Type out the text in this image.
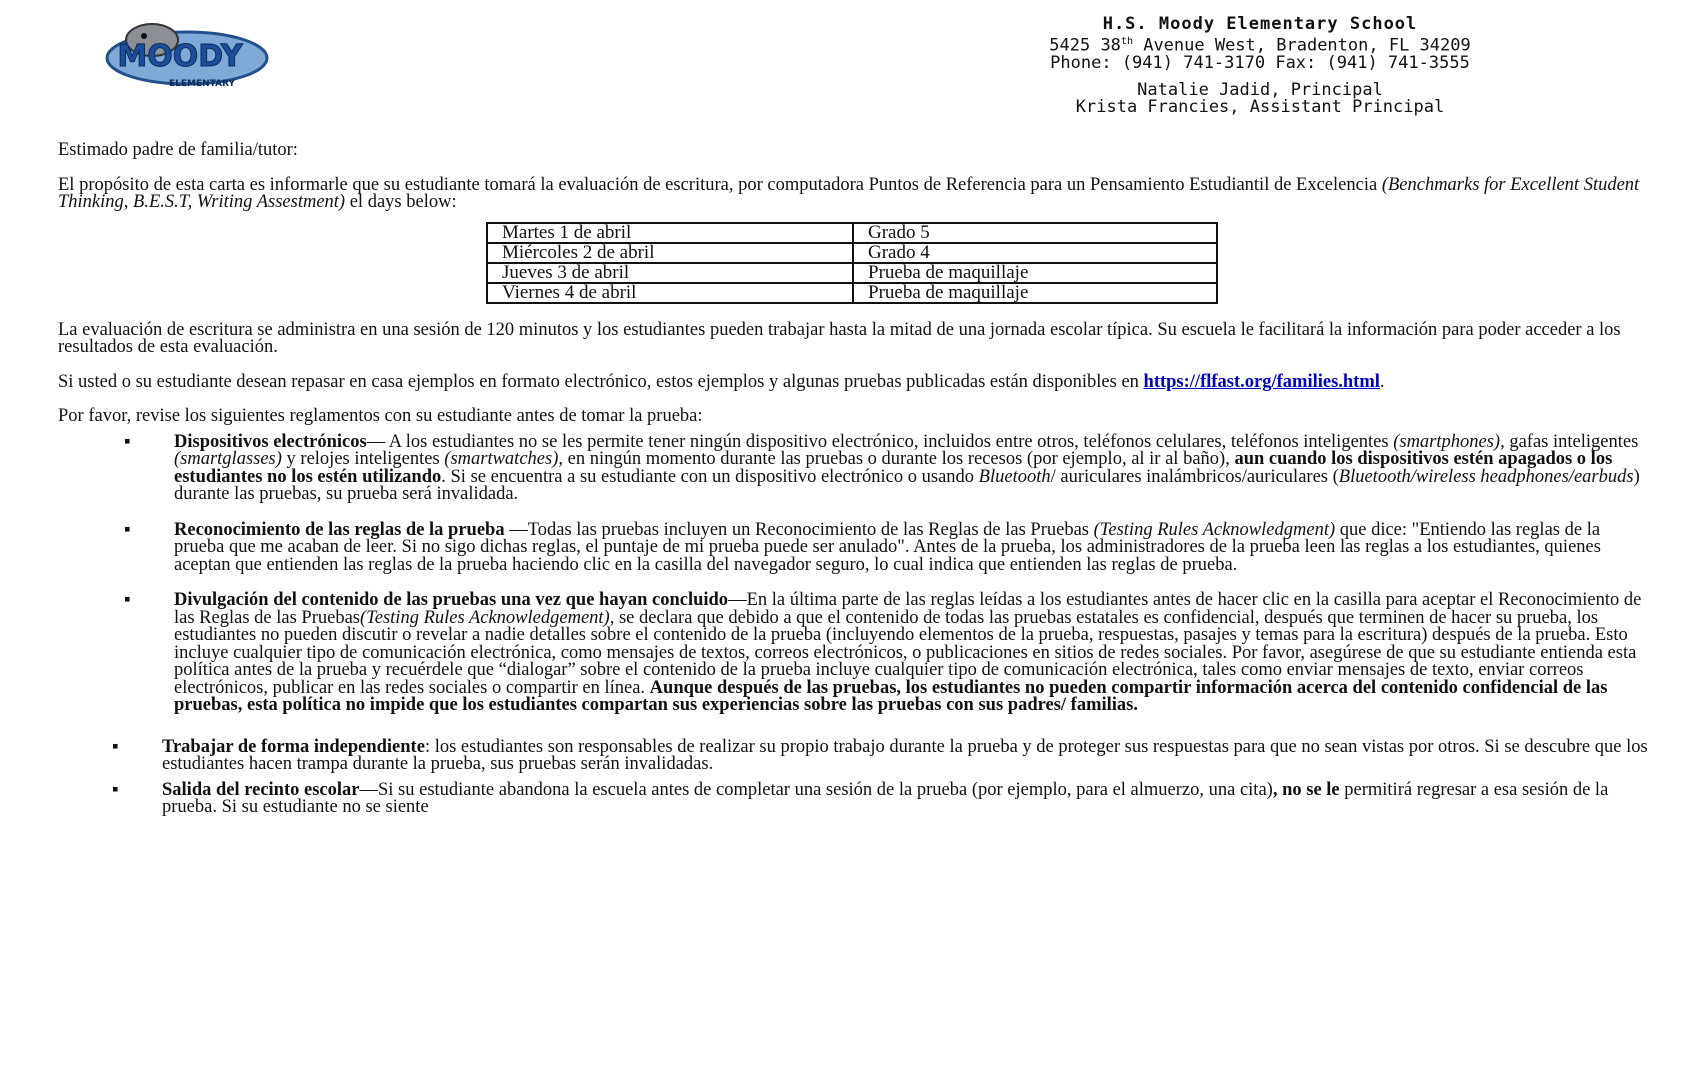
MOODY
ELEMENTARY
H.S. Moody Elementary School
5425 38th Avenue West, Bradenton, FL 34209
Phone: (941) 741-3170 Fax: (941) 741-3555
Natalie Jadid, Principal
Krista Francies, Assistant Principal

Estimado padre de familia/tutor:

El propósito de esta carta es informarle que su estudiante tomará la evaluación de escritura, por computadora Puntos de Referencia para un Pensamiento Estudiantil de Excelencia (Benchmarks for Excellent Student Thinking, B.E.S.T, Writing Assestment) el days below:

Martes 1 de abril	Grado 5
Miércoles 2 de abril	Grado 4
Jueves 3 de abril	Prueba de maquillaje
Viernes 4 de abril	Prueba de maquillaje

La evaluación de escritura se administra en una sesión de 120 minutos y los estudiantes pueden trabajar hasta la mitad de una jornada escolar típica. Su escuela le facilitará la información para poder acceder a los resultados de esta evaluación.

Si usted o su estudiante desean repasar en casa ejemplos en formato electrónico, estos ejemplos y algunas pruebas publicadas están disponibles en https://flfast.org/families.html.

Por favor, revise los siguientes reglamentos con su estudiante antes de tomar la prueba:

▪ Dispositivos electrónicos— A los estudiantes no se les permite tener ningún dispositivo electrónico, incluidos entre otros, teléfonos celulares, teléfonos inteligentes (smartphones), gafas inteligentes (smartglasses) y relojes inteligentes (smartwatches), en ningún momento durante las pruebas o durante los recesos (por ejemplo, al ir al baño), aun cuando los dispositivos estén apagados o los estudiantes no los estén utilizando. Si se encuentra a su estudiante con un dispositivo electrónico o usando Bluetooth/ auriculares inalámbricos/auriculares (Bluetooth/wireless headphones/earbuds) durante las pruebas, su prueba será invalidada.
▪ Reconocimiento de las reglas de la prueba —Todas las pruebas incluyen un Reconocimiento de las Reglas de las Pruebas (Testing Rules Acknowledgment) que dice: "Entiendo las reglas de la prueba que me acaban de leer. Si no sigo dichas reglas, el puntaje de mi prueba puede ser anulado". Antes de la prueba, los administradores de la prueba leen las reglas a los estudiantes, quienes aceptan que entienden las reglas de la prueba haciendo clic en la casilla del navegador seguro, lo cual indica que entienden las reglas de prueba.
▪ Divulgación del contenido de las pruebas una vez que hayan concluido—En la última parte de las reglas leídas a los estudiantes antes de hacer clic en la casilla para aceptar el Reconocimiento de las Reglas de las Pruebas(Testing Rules Acknowledgement), se declara que debido a que el contenido de todas las pruebas estatales es confidencial, después que terminen de hacer su prueba, los estudiantes no pueden discutir o revelar a nadie detalles sobre el contenido de la prueba (incluyendo elementos de la prueba, respuestas, pasajes y temas para la escritura) después de la prueba. Esto incluye cualquier tipo de comunicación electrónica, como mensajes de textos, correos electrónicos, o publicaciones en sitios de redes sociales. Por favor, asegúrese de que su estudiante entienda esta política antes de la prueba y recuérdele que “dialogar” sobre el contenido de la prueba incluye cualquier tipo de comunicación electrónica, tales como enviar mensajes de texto, enviar correos electrónicos, publicar en las redes sociales o compartir en línea. Aunque después de las pruebas, los estudiantes no pueden compartir información acerca del contenido confidencial de las pruebas, esta política no impide que los estudiantes compartan sus experiencias sobre las pruebas con sus padres/ familias.
▪ Trabajar de forma independiente: los estudiantes son responsables de realizar su propio trabajo durante la prueba y de proteger sus respuestas para que no sean vistas por otros. Si se descubre que los estudiantes hacen trampa durante la prueba, sus pruebas serán invalidadas.
▪ Salida del recinto escolar—Si su estudiante abandona la escuela antes de completar una sesión de la prueba (por ejemplo, para el almuerzo, una cita), no se le permitirá regresar a esa sesión de la prueba. Si su estudiante no se siente
